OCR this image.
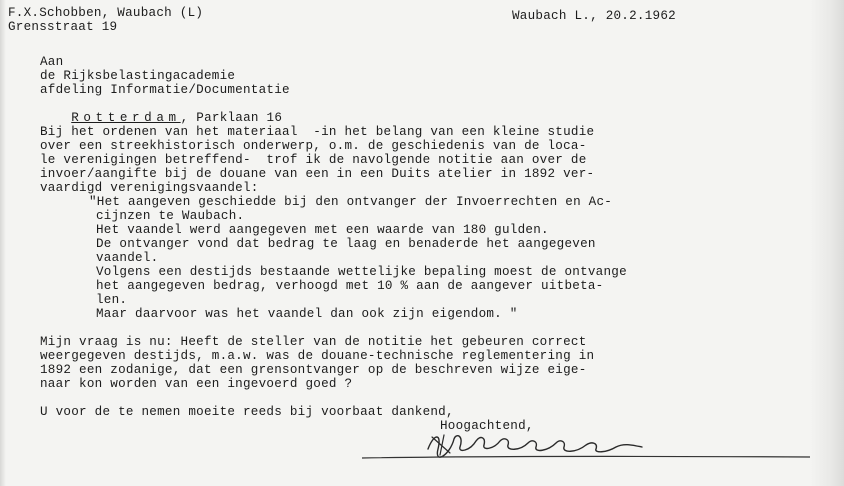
F.X.Schobben, Waubach (L)
Grensstraat 19
Waubach L., 20.2.1962
Aan
de Rijksbelastingacademie
afdeling Informatie/Documentatie

Rotterdam, Parklaan 16

Bij het ordenen van het materiaal  -in het belang van een kleine studie
over een streekhistorisch onderwerp, o.m. de geschiedenis van de loca-
le verenigingen betreffend-  trof ik de navolgende notitie aan over de
invoer/aangifte bij de douane van een in een Duits atelier in 1892 ver-
vaardigd verenigingsvaandel:
"Het aangeven geschiedde bij den ontvanger der Invoerrechten en Ac-
cijnzen te Waubach.
Het vaandel werd aangegeven met een waarde van 180 gulden.
De ontvanger vond dat bedrag te laag en benaderde het aangegeven
vaandel.
Volgens een destijds bestaande wettelijke bepaling moest de ontvange
het aangegeven bedrag, verhoogd met 10 % aan de aangever uitbeta-
len.
Maar daarvoor was het vaandel dan ook zijn eigendom. "
Mijn vraag is nu: Heeft de steller van de notitie het gebeuren correct
weergegeven destijds, m.a.w. was de douane-technische reglementering in
1892 een zodanige, dat een grensontvanger op de beschreven wijze eige-
naar kon worden van een ingevoerd goed ?
U voor de te nemen moeite reeds bij voorbaat dankend,
Hoogachtend,
